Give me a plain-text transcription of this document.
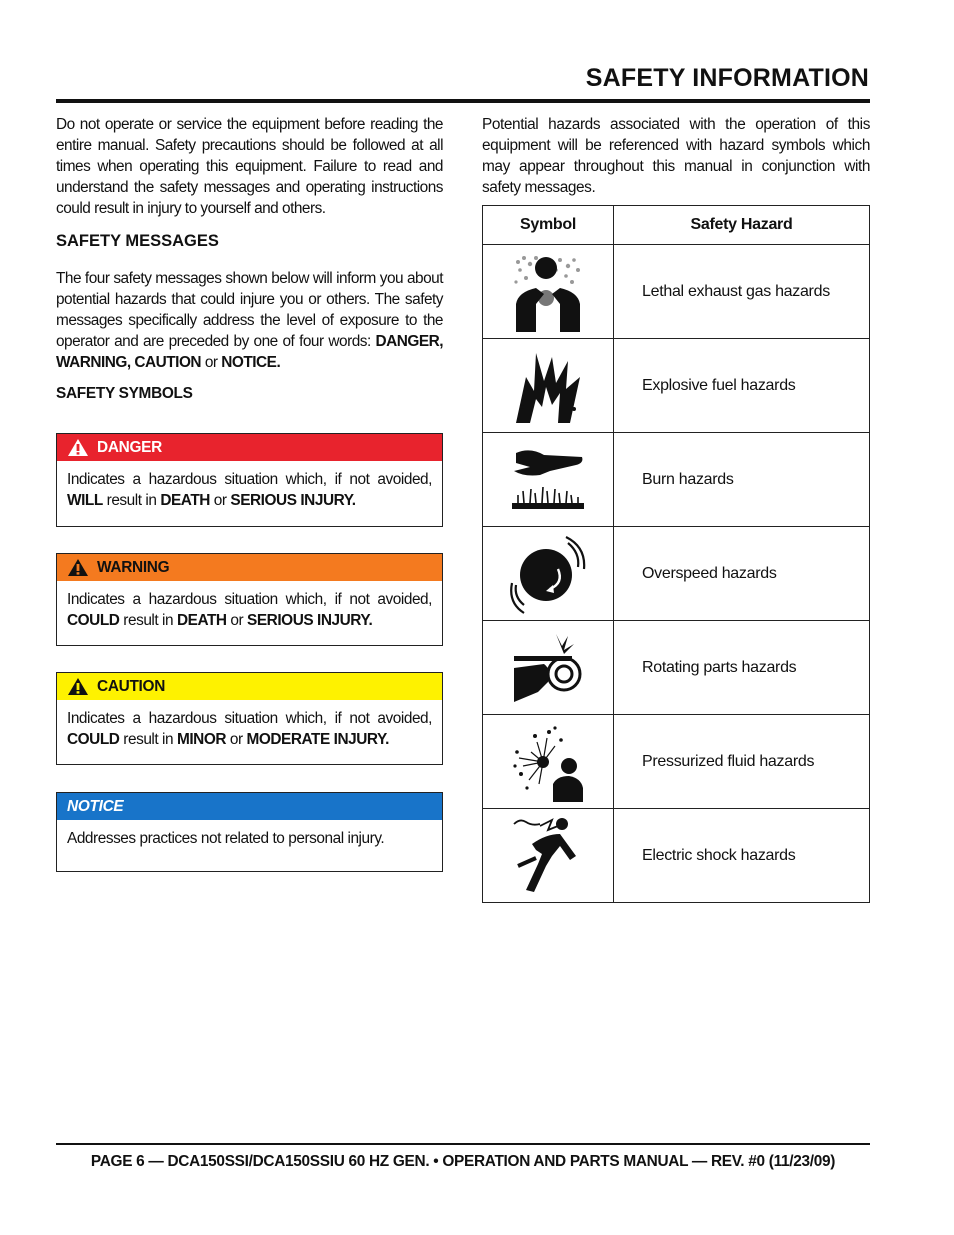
SAFETY INFORMATION
Do not operate or service the equipment before reading the entire manual. Safety precautions should be followed at all times when operating this equipment. Failure to read and understand the safety messages and operating instructions could result in injury to yourself and others.
SAFETY MESSAGES
The four safety messages shown below will inform you about potential hazards that could injure you or others. The safety messages specifically address the level of exposure to the operator and are preceded by one of four words: DANGER, WARNING, CAUTION or NOTICE.
SAFETY SYMBOLS
DANGER
Indicates a hazardous situation which, if not avoided, WILL result in DEATH or SERIOUS INJURY.
WARNING
Indicates a hazardous situation which, if not avoided, COULD result in DEATH or SERIOUS INJURY.
CAUTION
Indicates a hazardous situation which, if not avoided, COULD result in MINOR or MODERATE INJURY.
NOTICE
Addresses practices not related to personal injury.
Potential hazards associated with the operation of this equipment will be referenced with hazard symbols which may appear throughout this manual in conjunction with safety messages.
Symbol	Safety Hazard

	Lethal exhaust gas hazards

	Explosive fuel hazards

	Burn hazards

	Overspeed hazards

	Rotating parts hazards

	Pressurized fluid hazards

	Electric shock hazards
PAGE 6 — DCA150SSI/DCA150SSIU 60 HZ GEN. • OPERATION AND PARTS MANUAL — REV. #0 (11/23/09)
